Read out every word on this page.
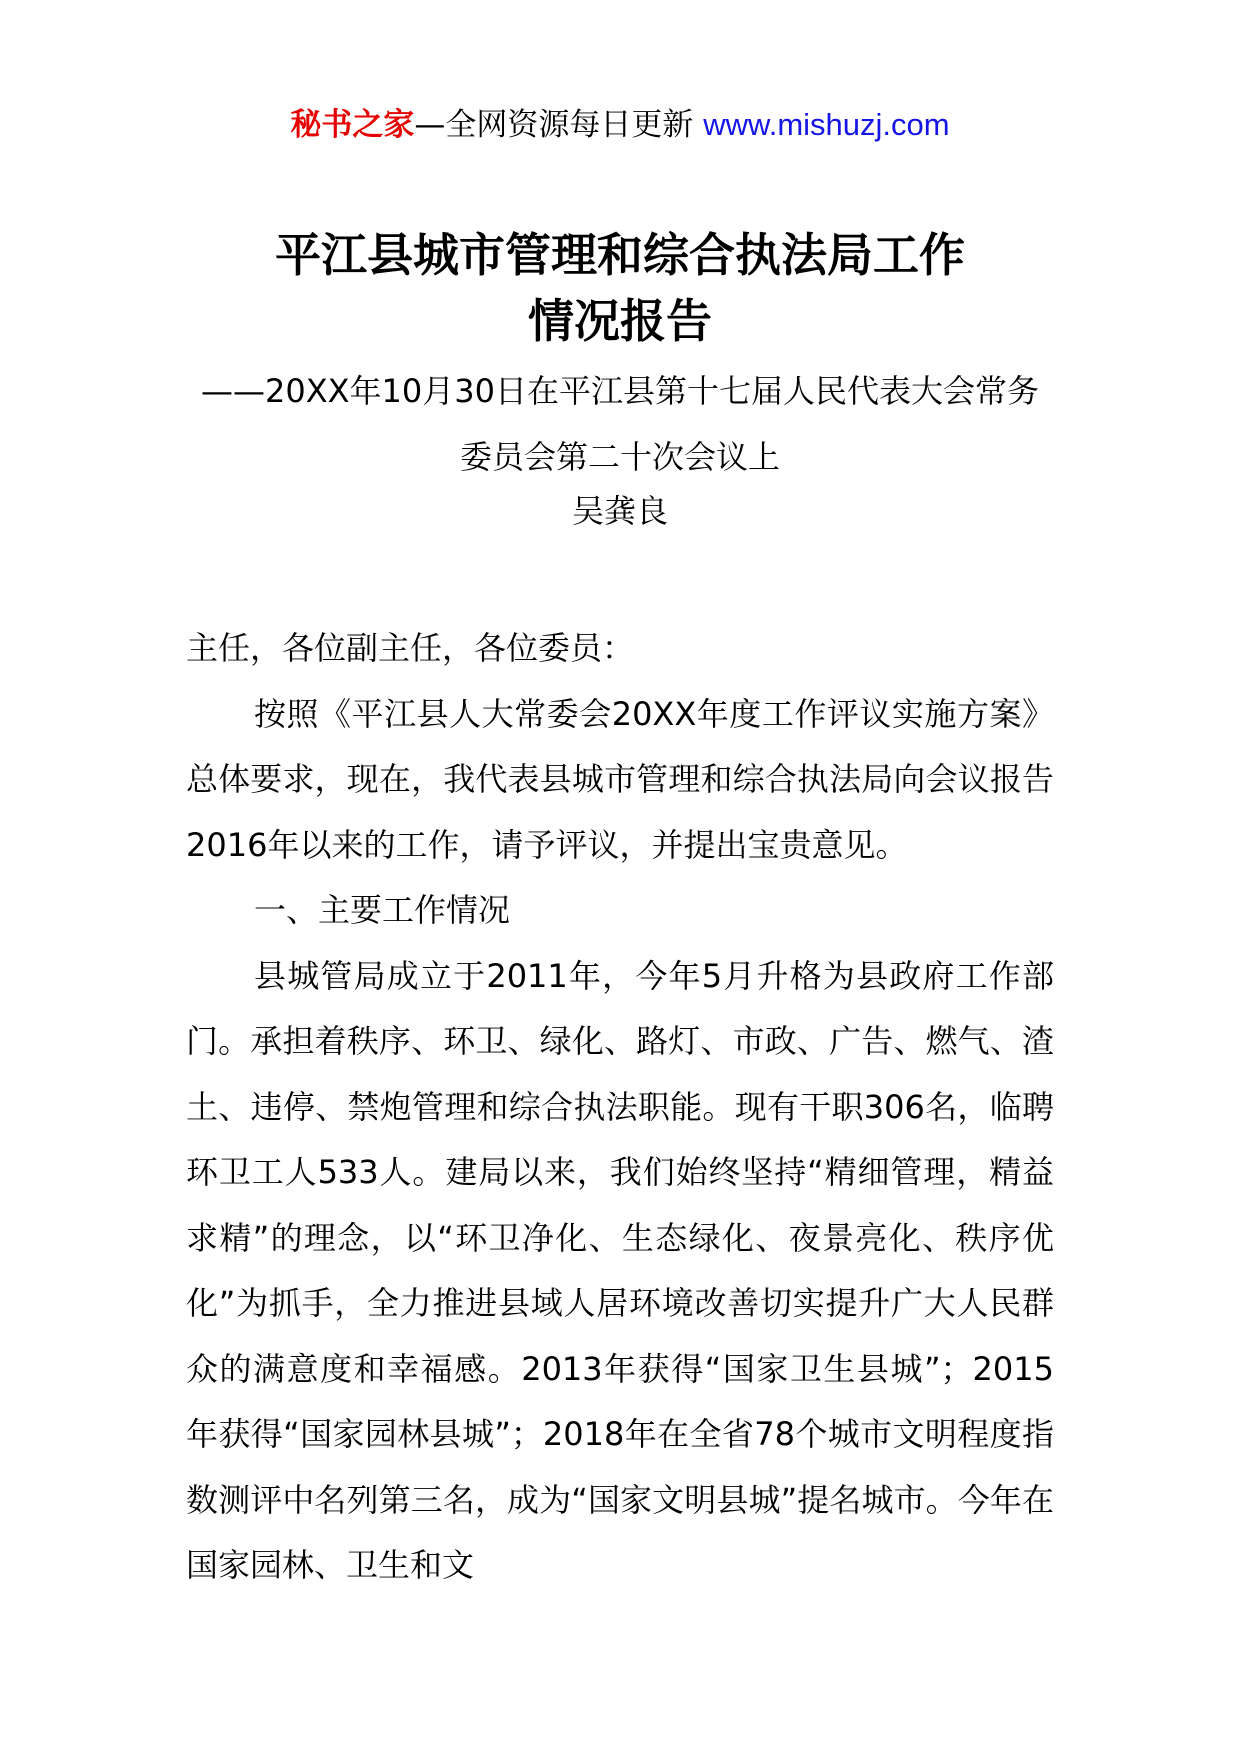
秘书之家—全网资源每日更新 www.mishuzj.com
平江县城市管理和综合执法局工作
情况报告
——20XX年10月30日在平江县第十七届人民代表大会常务委员会第二十次会议上
吴龚良

主任，各位副主任，各位委员：

按照《平江县人大常委会20XX年度工作评议实施方案》总体要求，现在，我代表县城市管理和综合执法局向会议报告2016年以来的工作，请予评议，并提出宝贵意见。

一、主要工作情况

县城管局成立于2011年，今年5月升格为县政府工作部门。承担着秩序、环卫、绿化、路灯、市政、广告、燃气、渣土、违停、禁炮管理和综合执法职能。现有干职306名，临聘环卫工人533人。建局以来，我们始终坚持“精细管理，精益求精”的理念，以“环卫净化、生态绿化、夜景亮化、秩序优化”为抓手，全力推进县域人居环境改善切实提升广大人民群众的满意度和幸福感。2013年获得“国家卫生县城”；2015年获得“国家园林县城”；2018年在全省78个城市文明程度指数测评中名列第三名，成为“国家文明县城”提名城市。今年在国家园林、卫生和文
